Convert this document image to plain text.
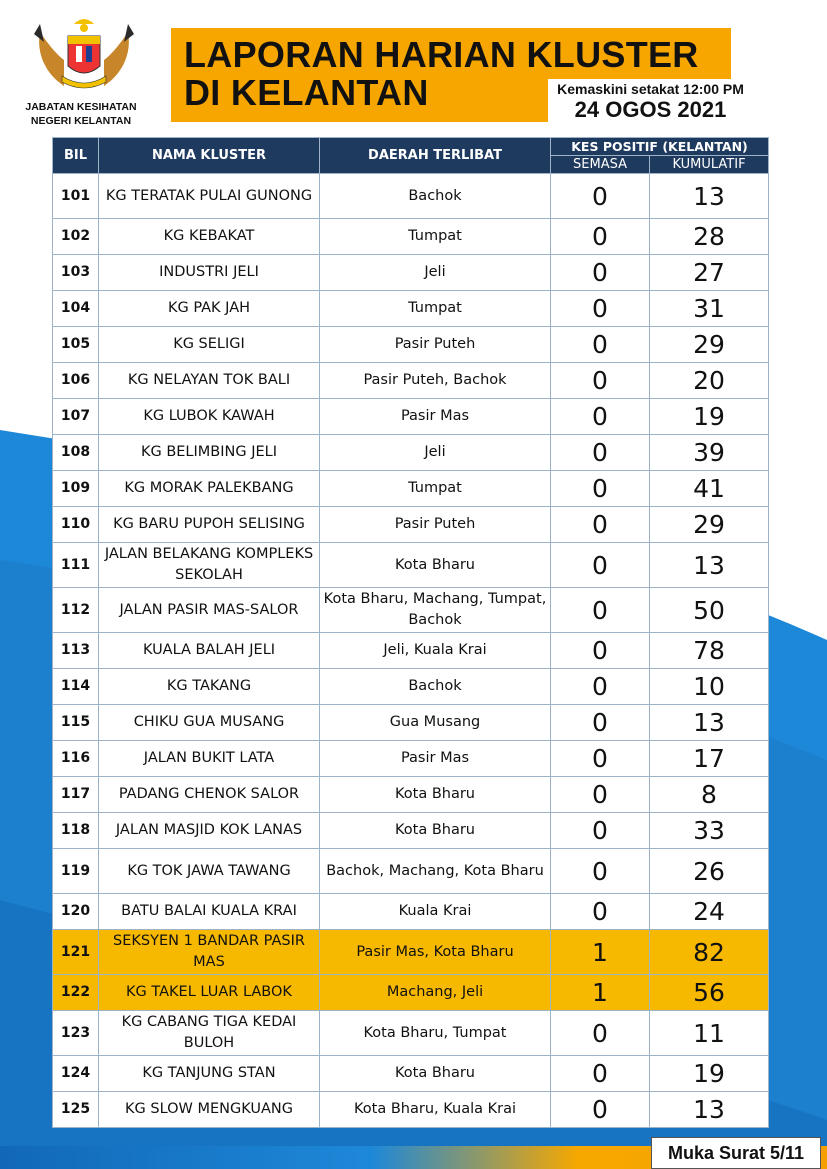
JABATAN KESIHATAN
NEGERI KELANTAN
LAPORAN HARIAN KLUSTER
DI KELANTAN	Kemaskini setakat 12:00 PM
24 OGOS 2021
BIL	NAMA KLUSTER	DAERAH TERLIBAT	KES POSITIF (KELANTAN)	
			SEMASA	KUMULATIF
101	KG TERATAK PULAI GUNONG	Bachok	0	13
102	KG KEBAKAT	Tumpat	0	28
103	INDUSTRI JELI	Jeli	0	27
104	KG PAK JAH	Tumpat	0	31
105	KG SELIGI	Pasir Puteh	0	29
106	KG NELAYAN TOK BALI	Pasir Puteh, Bachok	0	20
107	KG LUBOK KAWAH	Pasir Mas	0	19
108	KG BELIMBING JELI	Jeli	0	39
109	KG MORAK PALEKBANG	Tumpat	0	41
110	KG BARU PUPOH SELISING	Pasir Puteh	0	29
111	JALAN BELAKANG KOMPLEKS SEKOLAH	Kota Bharu	0	13
112	JALAN PASIR MAS-SALOR	Kota Bharu, Machang, Tumpat, Bachok	0	50
113	KUALA BALAH JELI	Jeli, Kuala Krai	0	78
114	KG TAKANG	Bachok	0	10
115	CHIKU GUA MUSANG	Gua Musang	0	13
116	JALAN BUKIT LATA	Pasir Mas	0	17
117	PADANG CHENOK SALOR	Kota Bharu	0	8
118	JALAN MASJID KOK LANAS	Kota Bharu	0	33
119	KG TOK JAWA TAWANG	Bachok, Machang, Kota Bharu	0	26
120	BATU BALAI KUALA KRAI	Kuala Krai	0	24
121	SEKSYEN 1 BANDAR PASIR MAS	Pasir Mas, Kota Bharu	1	82
122	KG TAKEL LUAR LABOK	Machang, Jeli	1	56
123	KG CABANG TIGA KEDAI BULOH	Kota Bharu, Tumpat	0	11
124	KG TANJUNG STAN	Kota Bharu	0	19
125	KG SLOW MENGKUANG	Kota Bharu, Kuala Krai	0	13
Muka Surat 5/11
